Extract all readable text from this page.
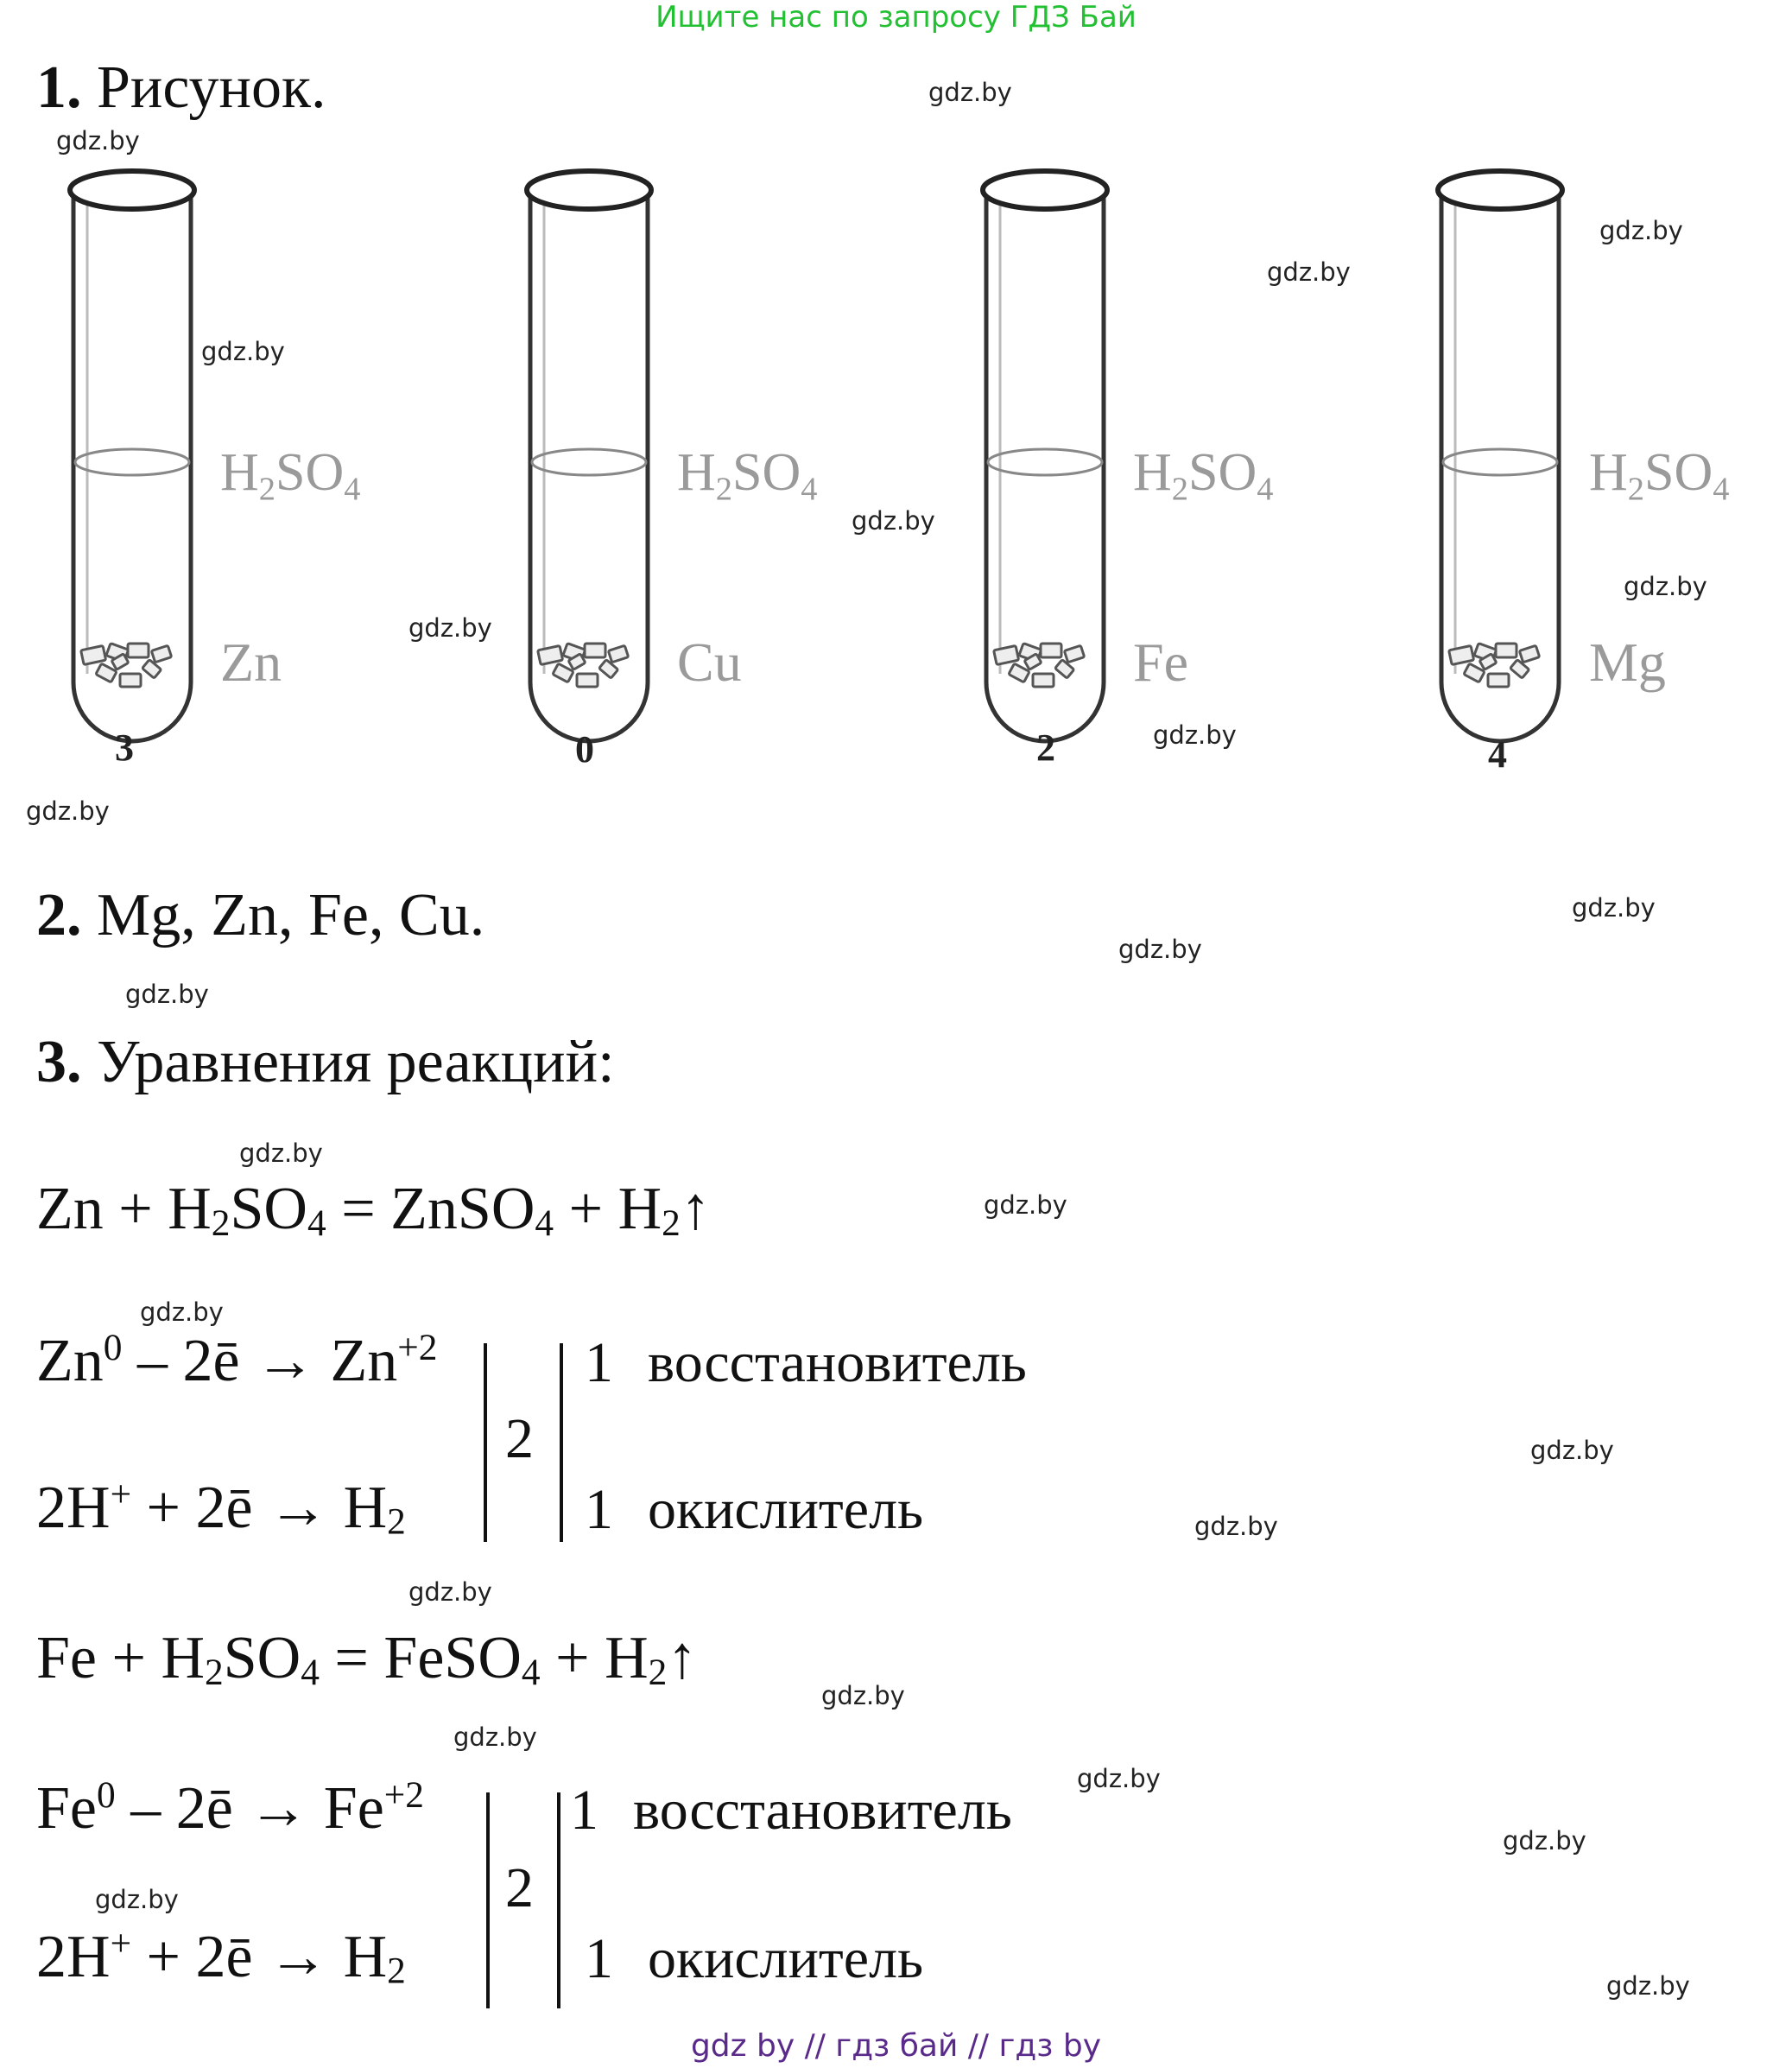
Ищите нас по запросу ГДЗ Бай
gdz by // гдз бай // гдз by
1. Рисунок.
$H_2SO_4$	$H_2SO_4$	$H_2SO_4$	$H_2SO_4$
Zn	Cu	Fe	Mg
3	0	2	4
2. Mg, Zn, Fe, Cu.
3. Уравнения реакций:
$Zn + H_2SO_4$ = ZnSO$_4$ + $H_2↑$
Zn$^0$ – 2ē → $Zn^{+2}$
2H+ + 2ē → $H_2$
2
1 восстановитель
1 окислитель
$Fe + H_2SO_4$ = FeSO$_4$ + $H_2↑$
Fe$^0$ – 2ē → $Fe^{+2}$
2H+ + 2ē → $H_2$
2
1 восстановитель
1 окислитель
gdz.by
gdz.by
gdz.by
gdz.by
gdz.by
gdz.by
gdz.by
gdz.by
gdz.by
gdz.by
gdz.by
gdz.by
gdz.by
gdz.by
gdz.by
gdz.by
gdz.by
gdz.by
gdz.by
gdz.by
gdz.by
gdz.by
gdz.by
gdz.by
gdz.by
